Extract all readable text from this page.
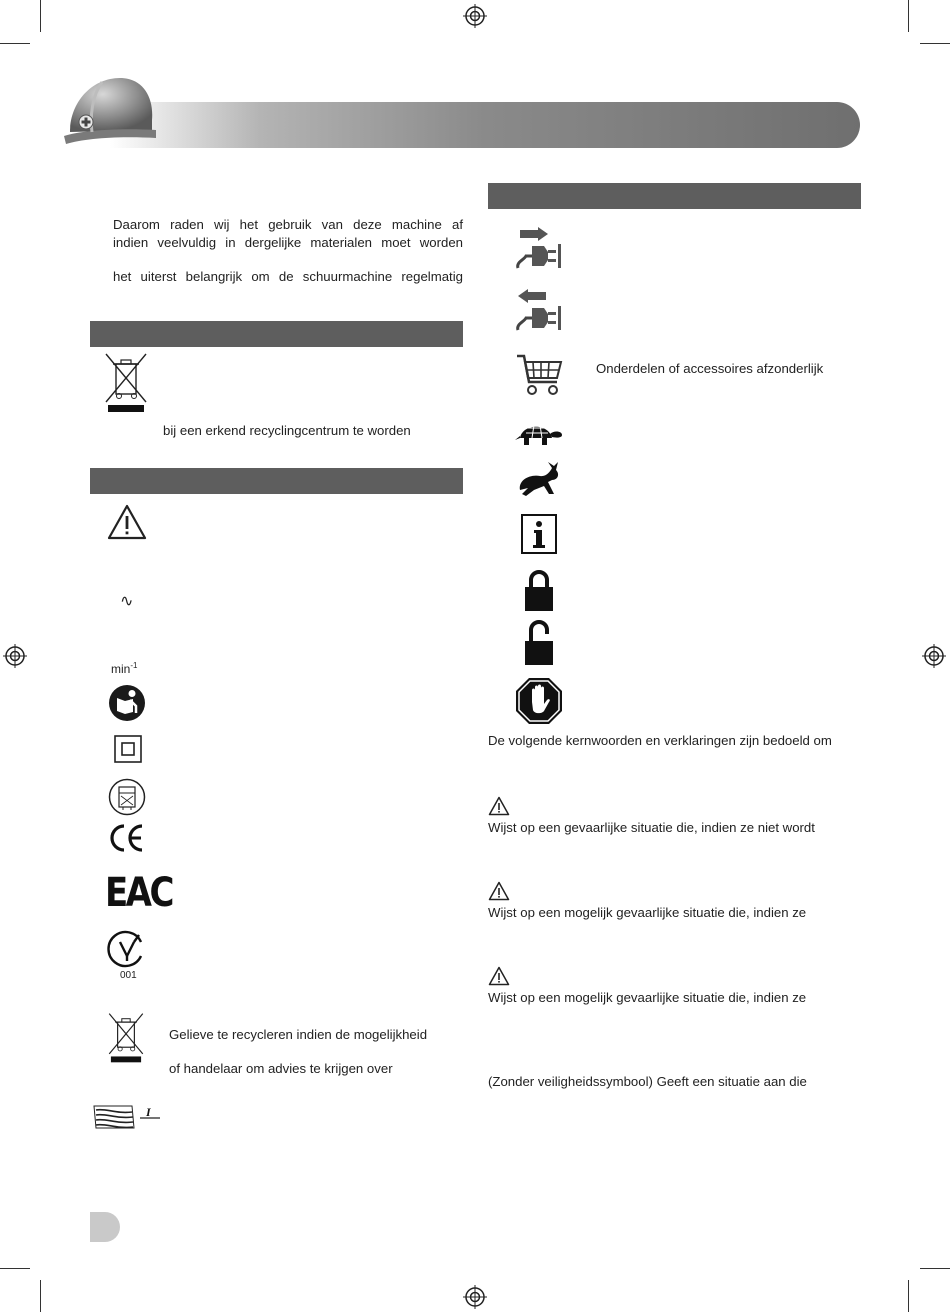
Daarom raden wij het gebruik van deze machine af
indien veelvuldig in dergelijke materialen moet worden
het uiterst belangrijk om de schuurmachine regelmatig
bij een erkend recyclingcentrum te worden
∿
$\min^{-1}$
EAC
001
Gelieve te recycleren indien de mogelijkheid
of handelaar om advies te krijgen over
I
Onderdelen of accessoires afzonderlijk
De volgende kernwoorden en verklaringen zijn bedoeld om
Wijst op een gevaarlijke situatie die, indien ze niet wordt
Wijst op een mogelijk gevaarlijke situatie die, indien ze
Wijst op een mogelijk gevaarlijke situatie die, indien ze
(Zonder veiligheidssymbool) Geeft een situatie aan die
